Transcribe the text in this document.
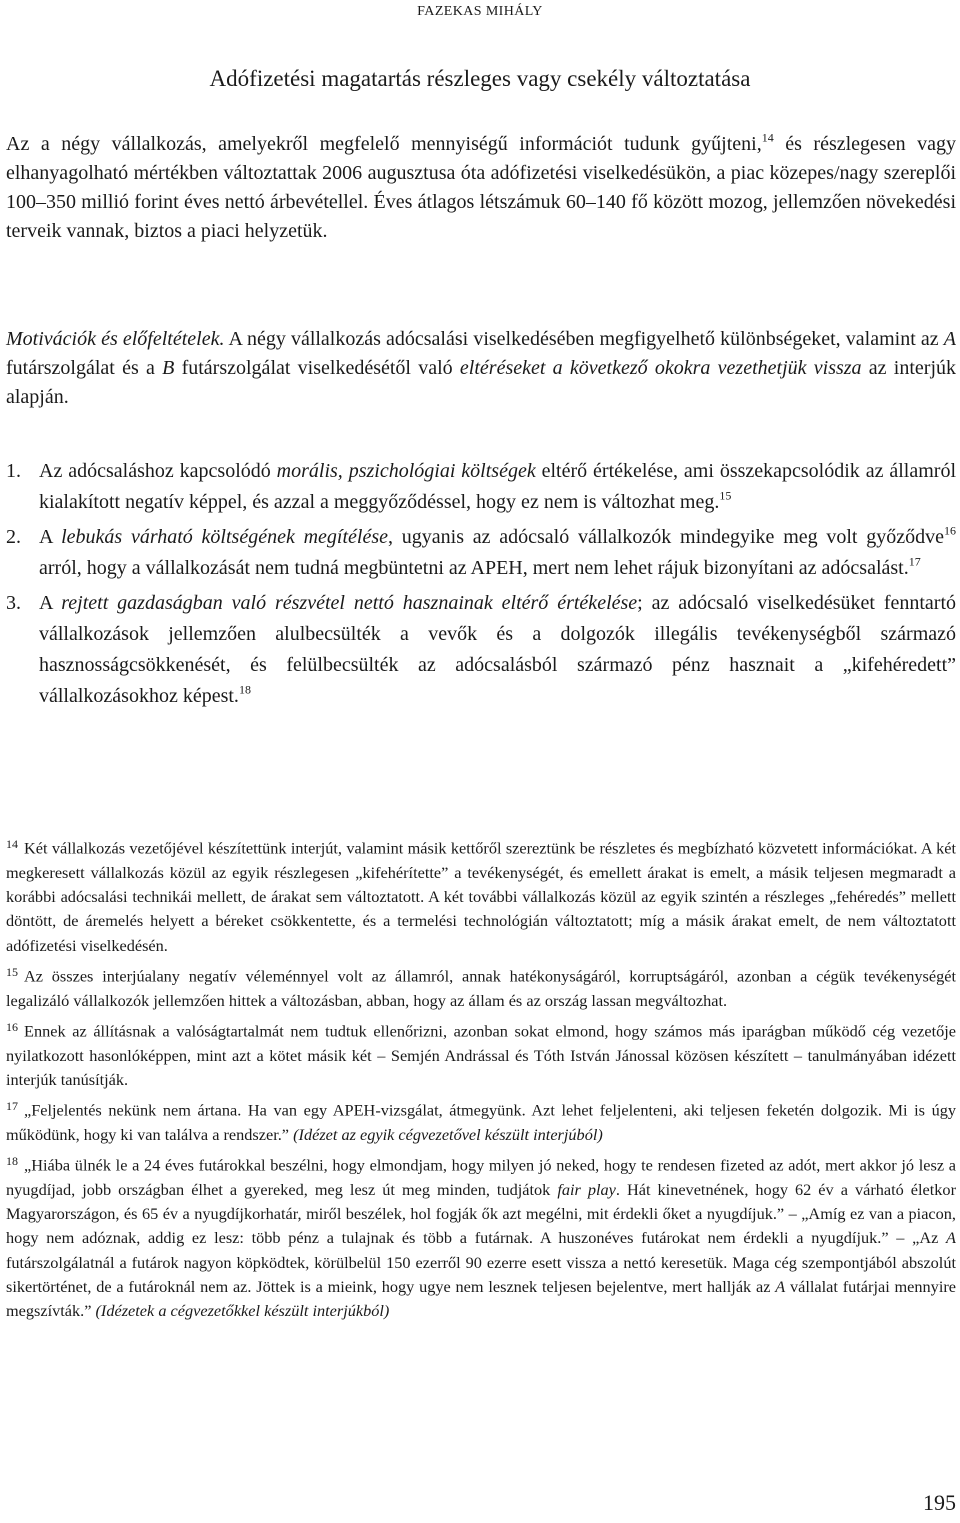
FAZEKAS MIHÁLY
Adófizetési magatartás részleges vagy csekély változtatása

Az a négy vállalkozás, amelyekről megfelelő mennyiségű információt tudunk gyűjteni,$^{14}$ és részlegesen vagy elhanyagolható mértékben változtattak 2006 augusztusa óta adófizetési viselkedésükön, a piac közepes/nagy szereplői 100–350 millió forint éves nettó árbevétellel. Éves átlagos létszámuk 60–140 fő között mozog, jellemzően növekedési terveik vannak, biztos a piaci helyzetük.

Motivációk és előfeltételek. A négy vállalkozás adócsalási viselkedésében megfigyelhető különbségeket, valamint az A futárszolgálat és a B futárszolgálat viselkedésétől való eltéréseket a következő okokra vezethetjük vissza az interjúk alapján.

1. Az adócsaláshoz kapcsolódó morális, pszichológiai költségek eltérő értékelése, ami összekapcsolódik az államról kialakított negatív képpel, és azzal a meggyőződéssel, hogy ez nem is változhat meg.$^{15}$
2. A lebukás várható költségének megítélése, ugyanis az adócsaló vállalkozók mindegyike meg volt győződve$^{16}$ arról, hogy a vállalkozását nem tudná megbüntetni az APEH, mert nem lehet rájuk bizonyítani az adócsalást.$^{17}$
3. A rejtett gazdaságban való részvétel nettó hasznainak eltérő értékelése; az adócsaló viselkedésüket fenntartó vállalkozások jellemzően alulbecsülték a vevők és a dolgozók illegális tevékenységből származó hasznosságcsökkenését, és felülbecsülték az adócsalásból származó pénz hasznait a „kifehéredett” vállalkozásokhoz képest.$^{18}$

$^{14}$ Két vállalkozás vezetőjével készítettünk interjút, valamint másik kettőről szereztünk be részletes és megbízható közvetett információkat. A két megkeresett vállalkozás közül az egyik részlegesen „kifehérítette” a tevékenységét, és emellett árakat is emelt, a másik teljesen megmaradt a korábbi adócsalási technikái mellett, de árakat sem változtatott. A két további vállalkozás közül az egyik szintén a részleges „fehéredés” mellett döntött, de áremelés helyett a béreket csökkentette, és a termelési technológián változtatott; míg a másik árakat emelt, de nem változtatott adófizetési viselkedésén.

$^{15}$ Az összes interjúalany negatív véleménnyel volt az államról, annak hatékonyságáról, korruptságáról, azonban a cégük tevékenységét legalizáló vállalkozók jellemzően hittek a változásban, abban, hogy az állam és az ország lassan megváltozhat.

$^{16}$ Ennek az állításnak a valóságtartalmát nem tudtuk ellenőrizni, azonban sokat elmond, hogy számos más iparágban működő cég vezetője nyilatkozott hasonlóképpen, mint azt a kötet másik két – Semjén Andrással és Tóth István Jánossal közösen készített – tanulmányában idézett interjúk tanúsítják.

$^{17}$ „Feljelentés nekünk nem ártana. Ha van egy APEH-vizsgálat, átmegyünk. Azt lehet feljelenteni, aki teljesen feketén dolgozik. Mi is úgy működünk, hogy ki van találva a rendszer.” (Idézet az egyik cégvezetővel készült interjúból)

$^{18}$ „Hiába ülnék le a 24 éves futárokkal beszélni, hogy elmondjam, hogy milyen jó neked, hogy te rendesen fizeted az adót, mert akkor jó lesz a nyugdíjad, jobb országban élhet a gyereked, meg lesz út meg minden, tudjátok fair play. Hát kinevetnének, hogy 62 év a várható életkor Magyarországon, és 65 év a nyugdíjkorhatár, miről beszélek, hol fogják ők azt megélni, mit érdekli őket a nyugdíjuk.” – „Amíg ez van a piacon, hogy nem adóznak, addig ez lesz: több pénz a tulajnak és több a futárnak. A huszonéves futárokat nem érdekli a nyugdíjuk.” – „Az A futárszolgálatnál a futárok nagyon köpködtek, körülbelül 150 ezerről 90 ezerre esett vissza a nettó keresetük. Maga cég szempontjából abszolút sikertörténet, de a futároknál nem az. Jöttek is a mieink, hogy ugye nem lesznek teljesen bejelentve, mert hallják az A vállalat futárjai mennyire megszívták.” (Idézetek a cégvezetőkkel készült interjúkból)

195
